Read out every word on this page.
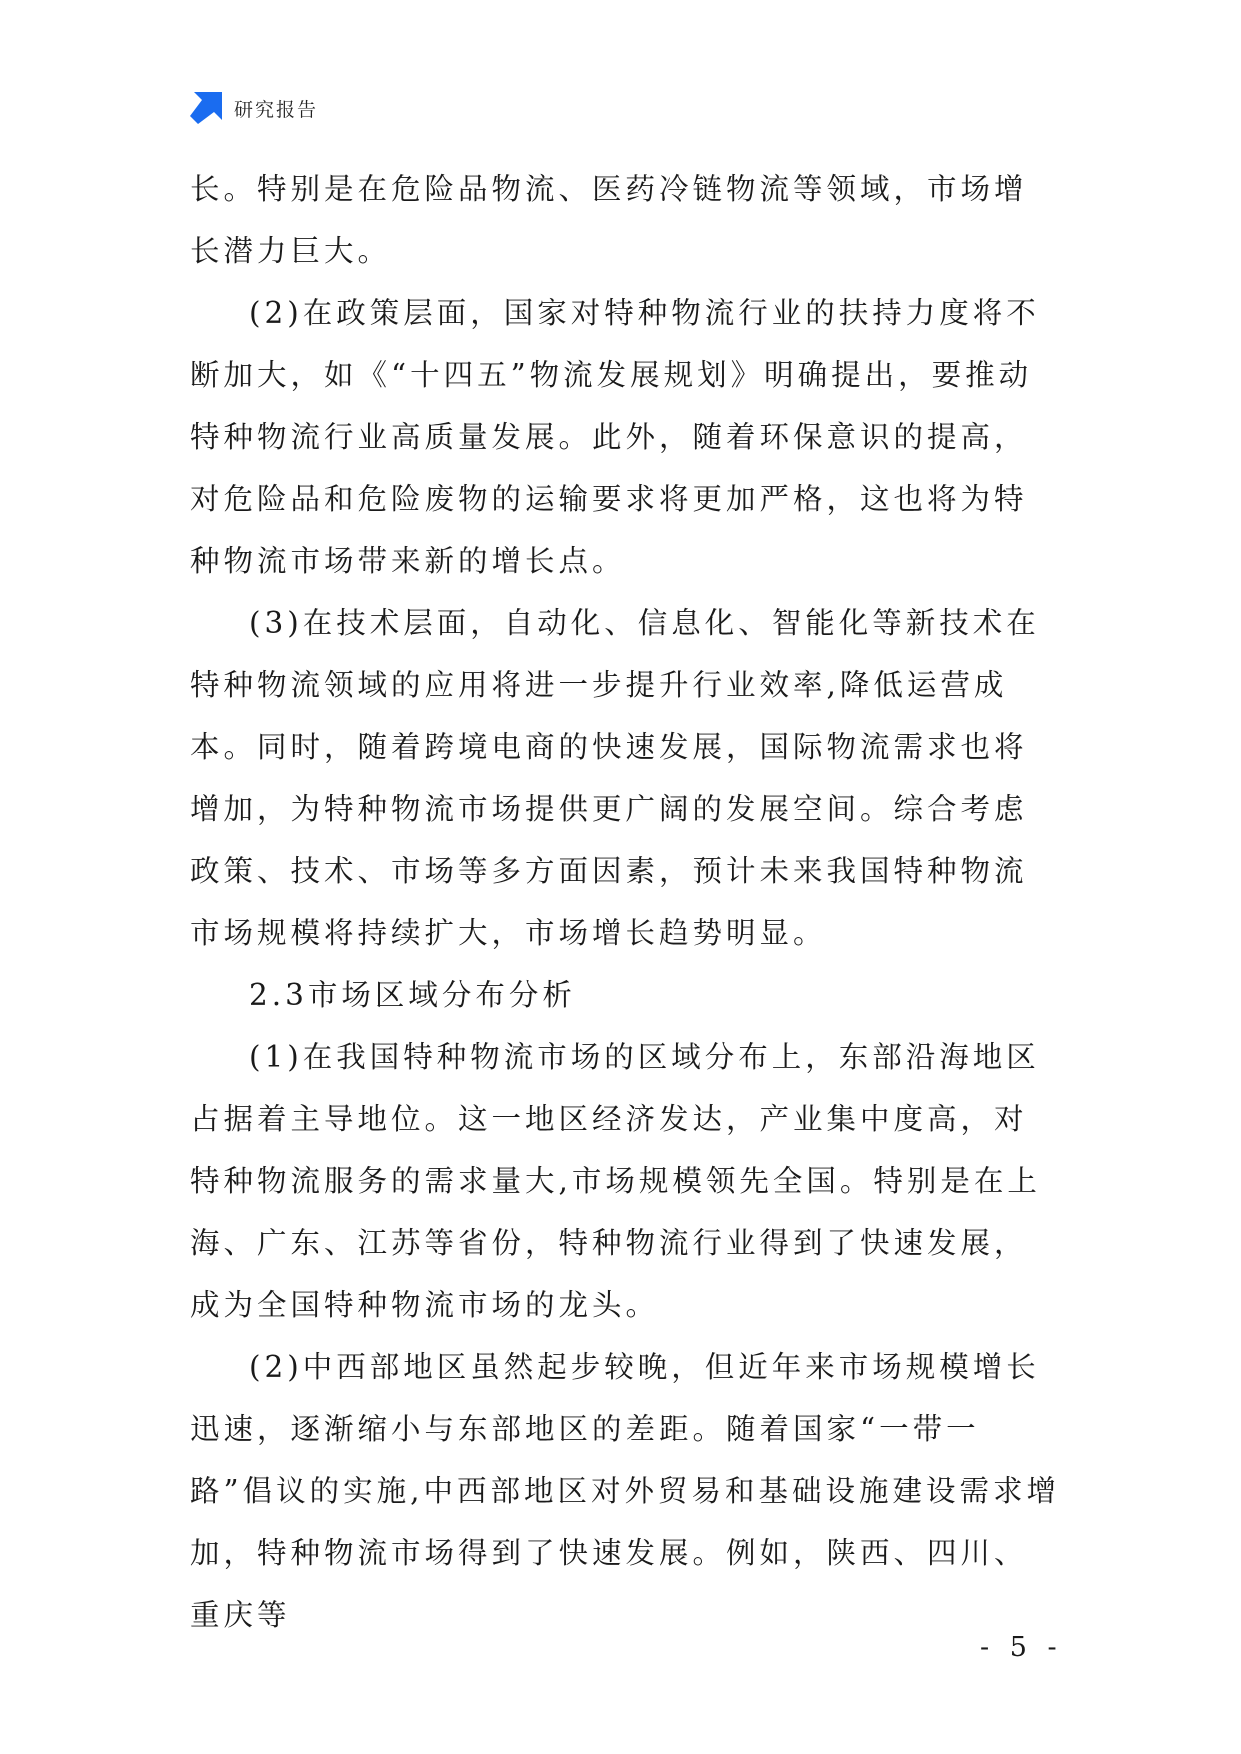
研究报告

长。特别是在危险品物流、医药冷链物流等领域，市场增长潜力巨大。

(2)在政策层面，国家对特种物流行业的扶持力度将不断加大，如《“十四五”物流发展规划》明确提出，要推动特种物流行业高质量发展。此外，随着环保意识的提高，对危险品和危险废物的运输要求将更加严格，这也将为特种物流市场带来新的增长点。

(3)在技术层面，自动化、信息化、智能化等新技术在特种物流领域的应用将进一步提升行业效率,降低运营成本。同时，随着跨境电商的快速发展，国际物流需求也将增加，为特种物流市场提供更广阔的发展空间。综合考虑政策、技术、市场等多方面因素，预计未来我国特种物流市场规模将持续扩大，市场增长趋势明显。

2.3市场区域分布分析

(1)在我国特种物流市场的区域分布上，东部沿海地区占据着主导地位。这一地区经济发达，产业集中度高，对特种物流服务的需求量大,市场规模领先全国。特别是在上海、广东、江苏等省份，特种物流行业得到了快速发展，成为全国特种物流市场的龙头。

(2)中西部地区虽然起步较晚，但近年来市场规模增长迅速，逐渐缩小与东部地区的差距。随着国家“一带一路”倡议的实施,中西部地区对外贸易和基础设施建设需求增加，特种物流市场得到了快速发展。例如，陕西、四川、重庆等

- 5 -
